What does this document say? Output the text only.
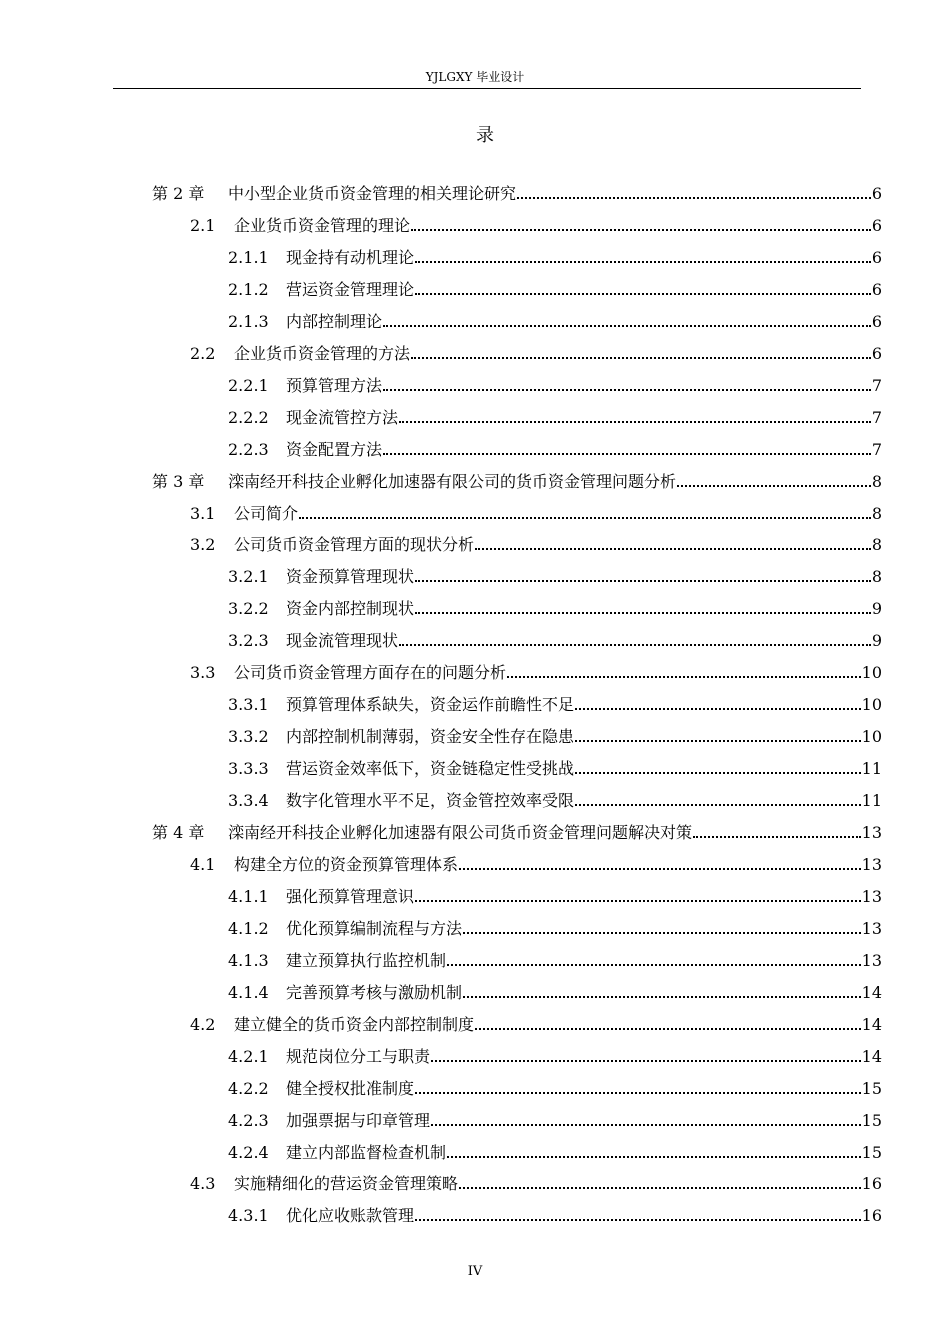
YJLGXY 毕业设计
录
第 2 章	中小型企业货币资金管理的相关理论研究	6
2.1	企业货币资金管理的理论	6
2.1.1	现金持有动机理论	6
2.1.2	营运资金管理理论	6
2.1.3	内部控制理论	6
2.2	企业货币资金管理的方法	6
2.2.1	预算管理方法	7
2.2.2	现金流管控方法	7
2.2.3	资金配置方法	7
第 3 章	滦南经开科技企业孵化加速器有限公司的货币资金管理问题分析	8
3.1	公司简介	8
3.2	公司货币资金管理方面的现状分析	8
3.2.1	资金预算管理现状	8
3.2.2	资金内部控制现状	9
3.2.3	现金流管理现状	9
3.3	公司货币资金管理方面存在的问题分析	10
3.3.1	预算管理体系缺失，资金运作前瞻性不足	10
3.3.2	内部控制机制薄弱，资金安全性存在隐患	10
3.3.3	营运资金效率低下，资金链稳定性受挑战	11
3.3.4	数字化管理水平不足，资金管控效率受限	11
第 4 章	滦南经开科技企业孵化加速器有限公司货币资金管理问题解决对策	13
4.1	构建全方位的资金预算管理体系	13
4.1.1	强化预算管理意识	13
4.1.2	优化预算编制流程与方法	13
4.1.3	建立预算执行监控机制	13
4.1.4	完善预算考核与激励机制	14
4.2	建立健全的货币资金内部控制制度	14
4.2.1	规范岗位分工与职责	14
4.2.2	健全授权批准制度	15
4.2.3	加强票据与印章管理	15
4.2.4	建立内部监督检查机制	15
4.3	实施精细化的营运资金管理策略	16
4.3.1	优化应收账款管理	16
IV
